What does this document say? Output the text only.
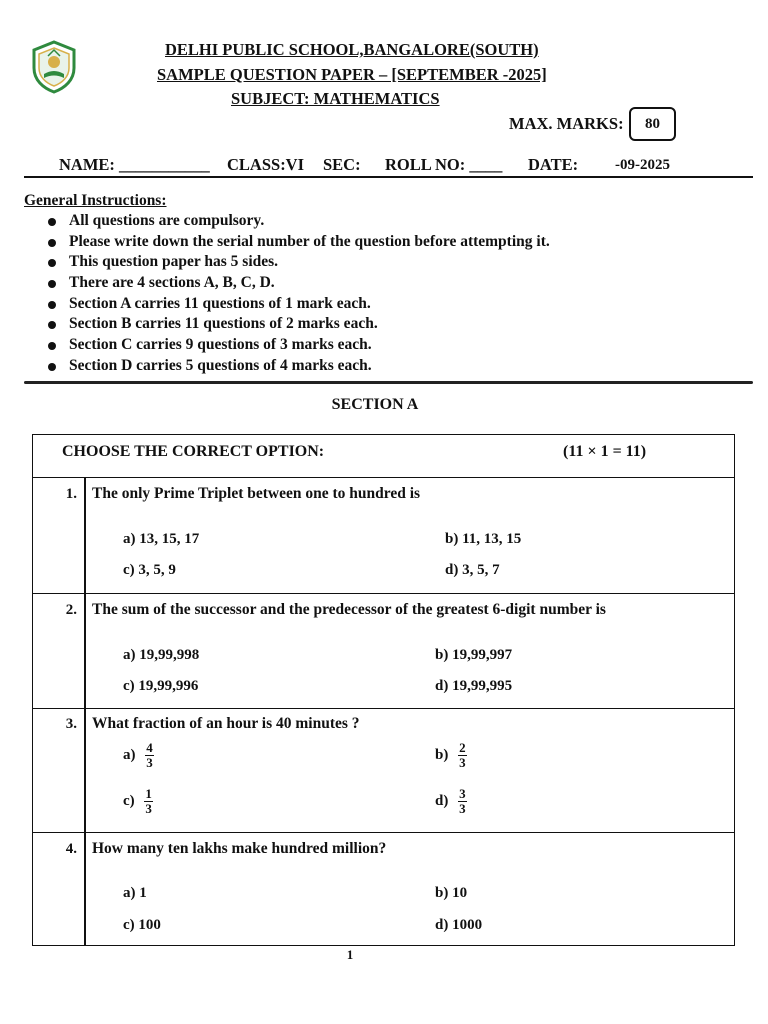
DELHI PUBLIC SCHOOL,BANGALORE(SOUTH)
SAMPLE QUESTION PAPER – [SEPTEMBER -2025]
SUBJECT: MATHEMATICS
MAX. MARKS:	80
NAME: ___________ CLASS:VI SEC: ROLL NO: ____ DATE: -09-2025
General Instructions:
All questions are compulsory.
Please write down the serial number of the question before attempting it.
This question paper has 5 sides.
There are 4 sections A, B, C, D.
Section A carries 11 questions of 1 mark each.
Section B carries 11 questions of 2 marks each.
Section C carries 9 questions of 3 marks each.
Section D carries 5 questions of 4 marks each.
SECTION A
CHOOSE THE CORRECT OPTION:	(11 × 1 = 11)
1. The only Prime Triplet between one to hundred is
a) 13, 15, 17	b) 11, 13, 15
c) 3, 5, 9	d) 3, 5, 7
2. The sum of the successor and the predecessor of the greatest 6-digit number is
a) 19,99,998	b) 19,99,997
c) 19,99,996	d) 19,99,995
3. What fraction of an hour is 40 minutes ?
$a) \frac{4}{3}$	$b) \frac{2}{3}$
$c) \frac{1}{3}$	$d) \frac{3}{3}$
4. How many ten lakhs make hundred million?
a) 1	b) 10
c) 100	d) 1000
1
